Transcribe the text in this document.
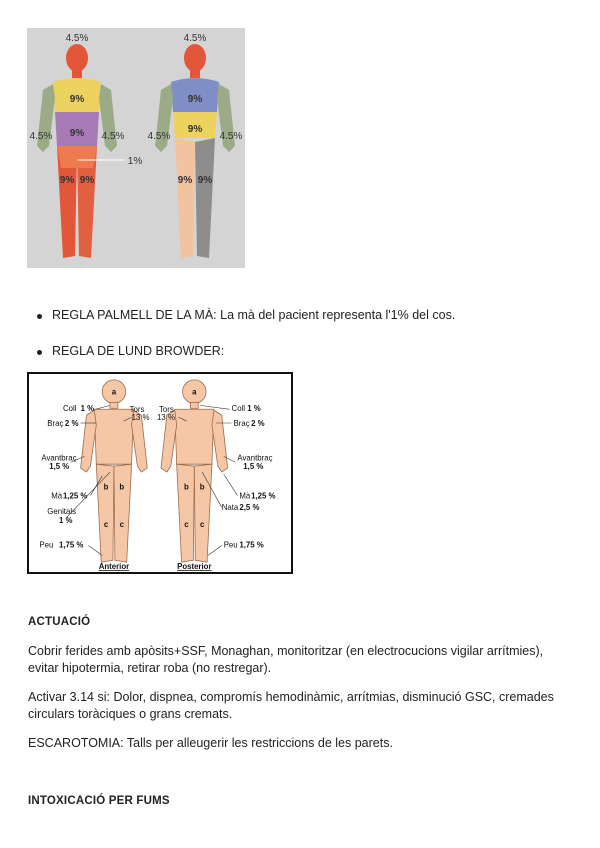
4.5%	4.5%
9%
9%
4.5%	4.5%
1%
9% 9%
9%
9%
4.5%	4.5%
9% 9%
REGLA PALMELL DE LA MÀ: La mà del pacient representa l'1% del cos.
REGLA DE LUND BROWDER:
a	a
b b	b b
c c	c c
Coll 1 %
Braç 2 %
Avantbraç
1,5 %
Mà 1,25 %
Genitals
1 %
Peu 1,75 %
Tors
13 %
Tors
13 %
Coll 1 %
Braç 2 %
Avantbraç
1,5 %
Mà 1,25 %
Nata 2,5 %
Peu 1,75 %
Anterior	Posterior
ACTUACIÓ

Cobrir ferides amb apòsits+SSF, Monaghan, monitoritzar (en electrocucions vigilar arrítmies), evitar hipotermia, retirar roba (no restregar).

Activar 3.14 si: Dolor, dispnea, compromís hemodinàmic, arrítmias, disminució GSC, cremades circulars toràciques o grans cremats.

ESCAROTOMIA: Talls per alleugerir les restriccions de les parets.

INTOXICACIÓ PER FUMS
